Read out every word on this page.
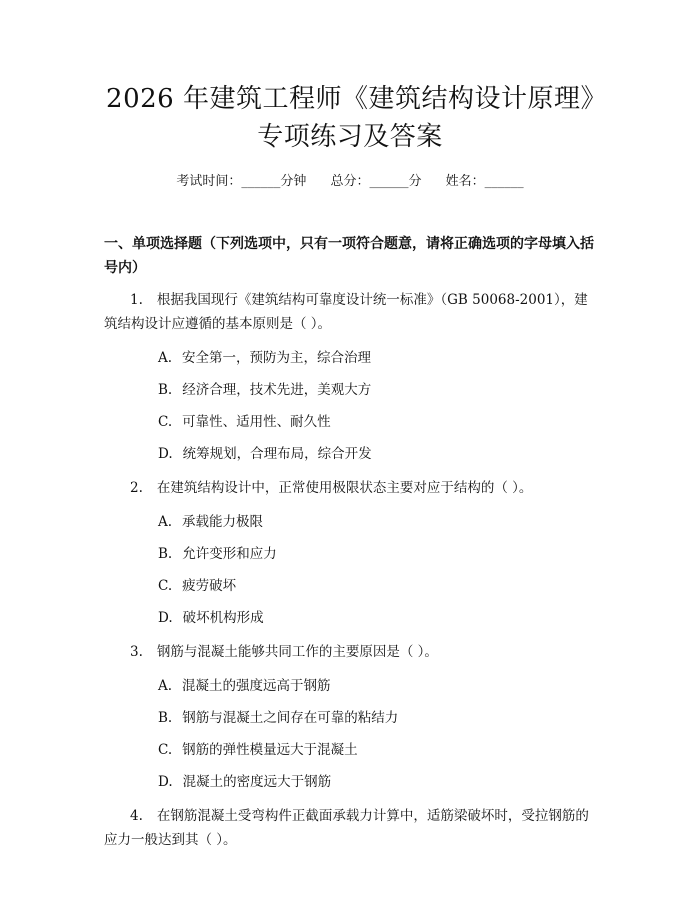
2026 年建筑工程师《建筑结构设计原理》专项练习及答案
考试时间：______分钟 总分：______分 姓名：______
一、单项选择题（下列选项中，只有一项符合题意，请将正确选项的字母填入括号内）
1. 根据我国现行《建筑结构可靠度设计统一标准》（GB 50068-2001），建筑结构设计应遵循的基本原则是（ ）。
A. 安全第一，预防为主，综合治理
B. 经济合理，技术先进，美观大方
C. 可靠性、适用性、耐久性
D. 统筹规划，合理布局，综合开发
2. 在建筑结构设计中，正常使用极限状态主要对应于结构的（ ）。
A. 承载能力极限
B. 允许变形和应力
C. 疲劳破坏
D. 破坏机构形成
3. 钢筋与混凝土能够共同工作的主要原因是（ ）。
A. 混凝土的强度远高于钢筋
B. 钢筋与混凝土之间存在可靠的粘结力
C. 钢筋的弹性模量远大于混凝土
D. 混凝土的密度远大于钢筋
4. 在钢筋混凝土受弯构件正截面承载力计算中，适筋梁破坏时，受拉钢筋的应力一般达到其（ ）。
